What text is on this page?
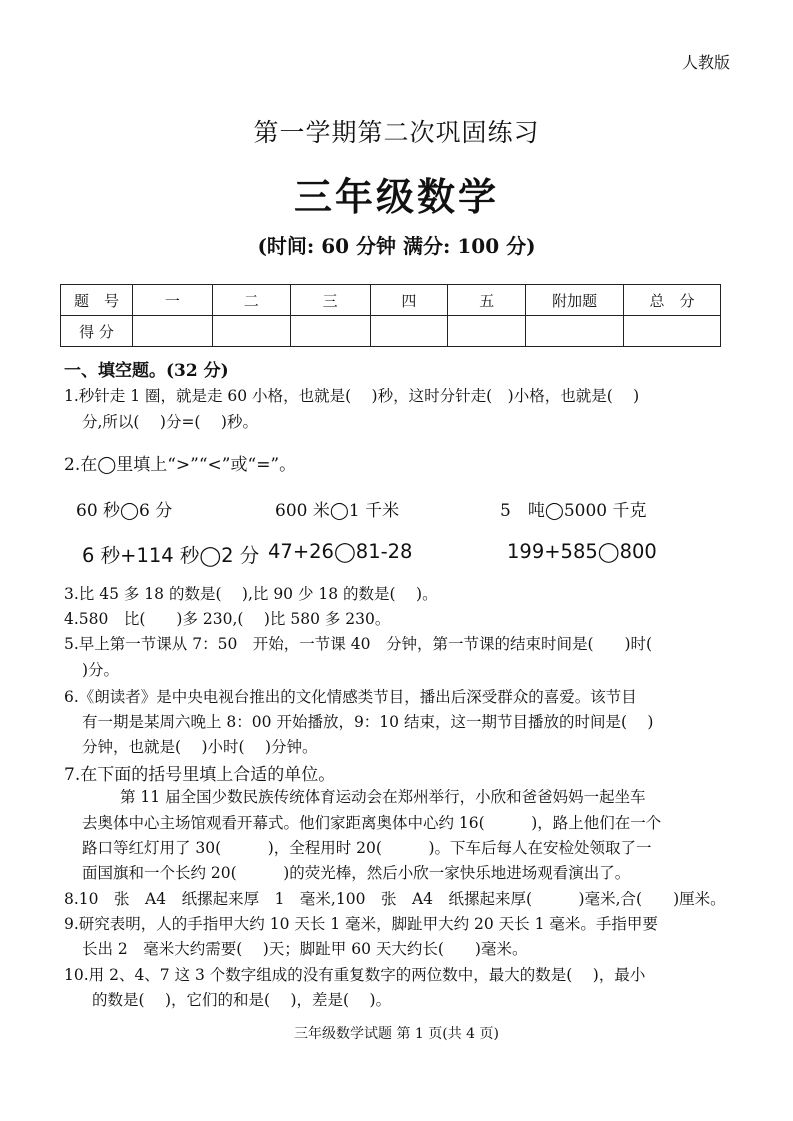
人教版
第一学期第二次巩固练习
三年级数学
(时间: 60 分钟 满分: 100 分)
题　号	一	二	三	四	五	附加题	总　分
得 分							
一、填空题。(32 分)
1.秒针走 1 圈，就是走 60 小格，也就是(　 )秒，这时分针走(　)小格，也就是(　 )
分,所以(　 )分=(　 )秒。
2.在◯里填上“>”“<”或“=”。
60 秒◯6 分	600 米◯1 千米	5　吨◯5000 千克
6 秒+114 秒◯2 分 47+26◯81-28	199+585◯800
3.比 45 多 18 的数是(　 ),比 90 少 18 的数是(　 )。
4.580　比(　　)多 230,(　 )比 580 多 230。
5.早上第一节课从 7：50　开始，一节课 40　分钟，第一节课的结束时间是(　　)时(
)分。
6.《朗读者》是中央电视台推出的文化情感类节目，播出后深受群众的喜爱。该节目
有一期是某周六晚上 8：00 开始播放，9：10 结束，这一期节目播放的时间是(　 )
分钟，也就是(　 )小时(　 )分钟。
7.在下面的括号里填上合适的单位。
第 11 届全国少数民族传统体育运动会在郑州举行，小欣和爸爸妈妈一起坐车
去奥体中心主场馆观看开幕式。他们家距离奥体中心约 16(　　　)，路上他们在一个
路口等红灯用了 30(　　　)，全程用时 20(　　　)。下车后每人在安检处领取了一
面国旗和一个长约 20(　　　)的荧光棒，然后小欣一家快乐地进场观看演出了。
8.10　张　A4　纸摞起来厚　1　毫米,100　张　A4　纸摞起来厚(　　　)毫米,合(　　)厘米。
9.研究表明，人的手指甲大约 10 天长 1 毫米，脚趾甲大约 20 天长 1 毫米。手指甲要
长出 2　毫米大约需要(　 )天；脚趾甲 60 天大约长(　　)毫米。
10.用 2、4、7 这 3 个数字组成的没有重复数字的两位数中，最大的数是(　 )，最小
的数是(　 )，它们的和是(　 )，差是(　 )。
三年级数学试题 第 1 页(共 4 页)
